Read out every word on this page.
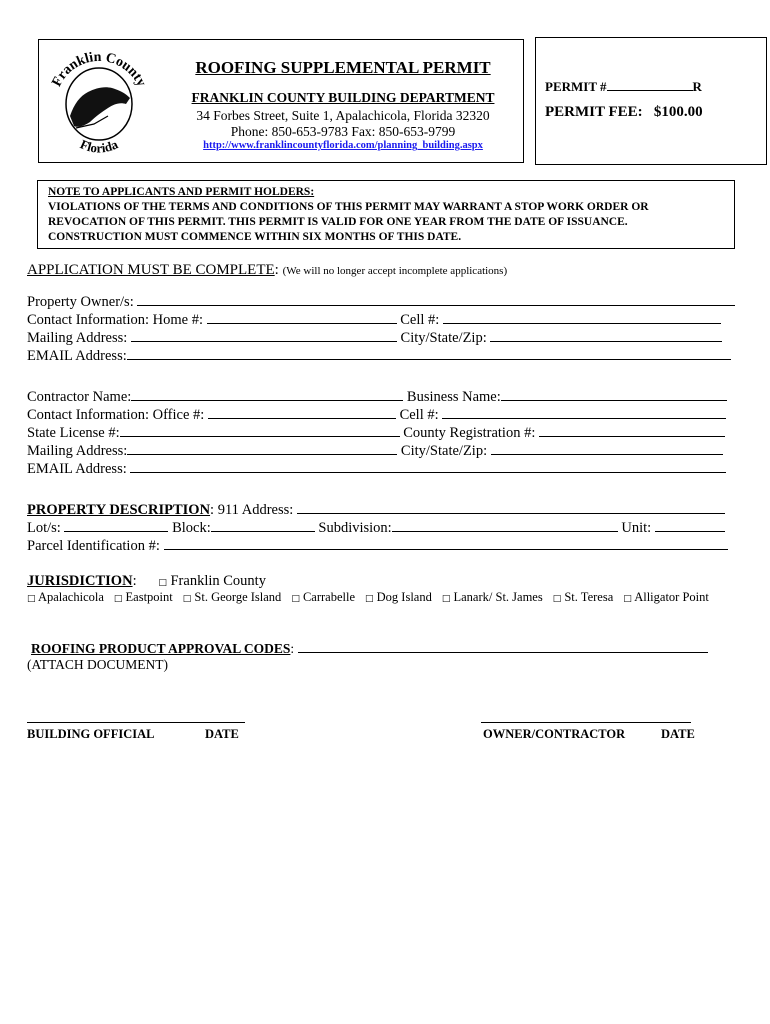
Franklin County
Florida
ROOFING SUPPLEMENTAL PERMIT
FRANKLIN COUNTY BUILDING DEPARTMENT
34 Forbes Street, Suite 1, Apalachicola, Florida 32320
Phone: 850-653-9783 Fax: 850-653-9799
http://www.franklincountyflorida.com/planning_building.aspx
PERMIT #	R
PERMIT FEE: $100.00
NOTE TO APPLICANTS AND PERMIT HOLDERS:
VIOLATIONS OF THE TERMS AND CONDITIONS OF THIS PERMIT MAY WARRANT A STOP WORK ORDER OR
REVOCATION OF THIS PERMIT. THIS PERMIT IS VALID FOR ONE YEAR FROM THE DATE OF ISSUANCE.
CONSTRUCTION MUST COMMENCE WITHIN SIX MONTHS OF THIS DATE.
APPLICATION MUST BE COMPLETE: (We will no longer accept incomplete applications)
Property Owner/s:
Contact Information: Home #:	Cell #:
Mailing Address:	City/State/Zip:
EMAIL Address:
Contractor Name:	Business Name:
Contact Information: Office #:	Cell #:
State License #:	County Registration #:
Mailing Address:	City/State/Zip:
EMAIL Address:
PROPERTY DESCRIPTION: 911 Address:
Lot/s:	Block:	Subdivision:	Unit:
Parcel Identification #:
JURISDICTION: □ Franklin County
□ Apalachicola □ Eastpoint □ St. George Island □ Carrabelle □ Dog Island □ Lanark/ St. James □ St. Teresa □ Alligator Point
ROOFING PRODUCT APPROVAL CODES:
(ATTACH DOCUMENT)
BUILDING OFFICIAL	DATE	OWNER/CONTRACTOR	DATE
